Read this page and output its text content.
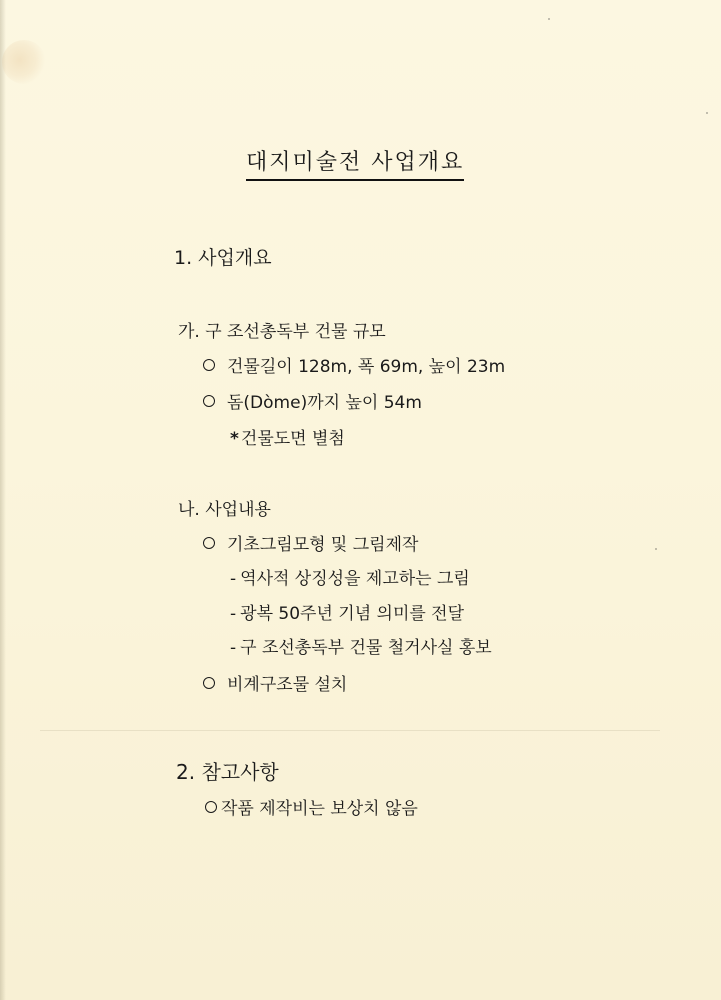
대지미술전 사업개요
1. 사업개요
가. 구 조선총독부 건물 규모
건물길이 128m, 폭 69m, 높이 23m
돔(Dòme)까지 높이 54m
* 건물도면 별첨
나. 사업내용
기초그림모형 및 그림제작
- 역사적 상징성을 제고하는 그림
- 광복 50주년 기념 의미를 전달
- 구 조선총독부 건물 철거사실 홍보
비계구조물 설치
2. 참고사항
작품 제작비는 보상치 않음
